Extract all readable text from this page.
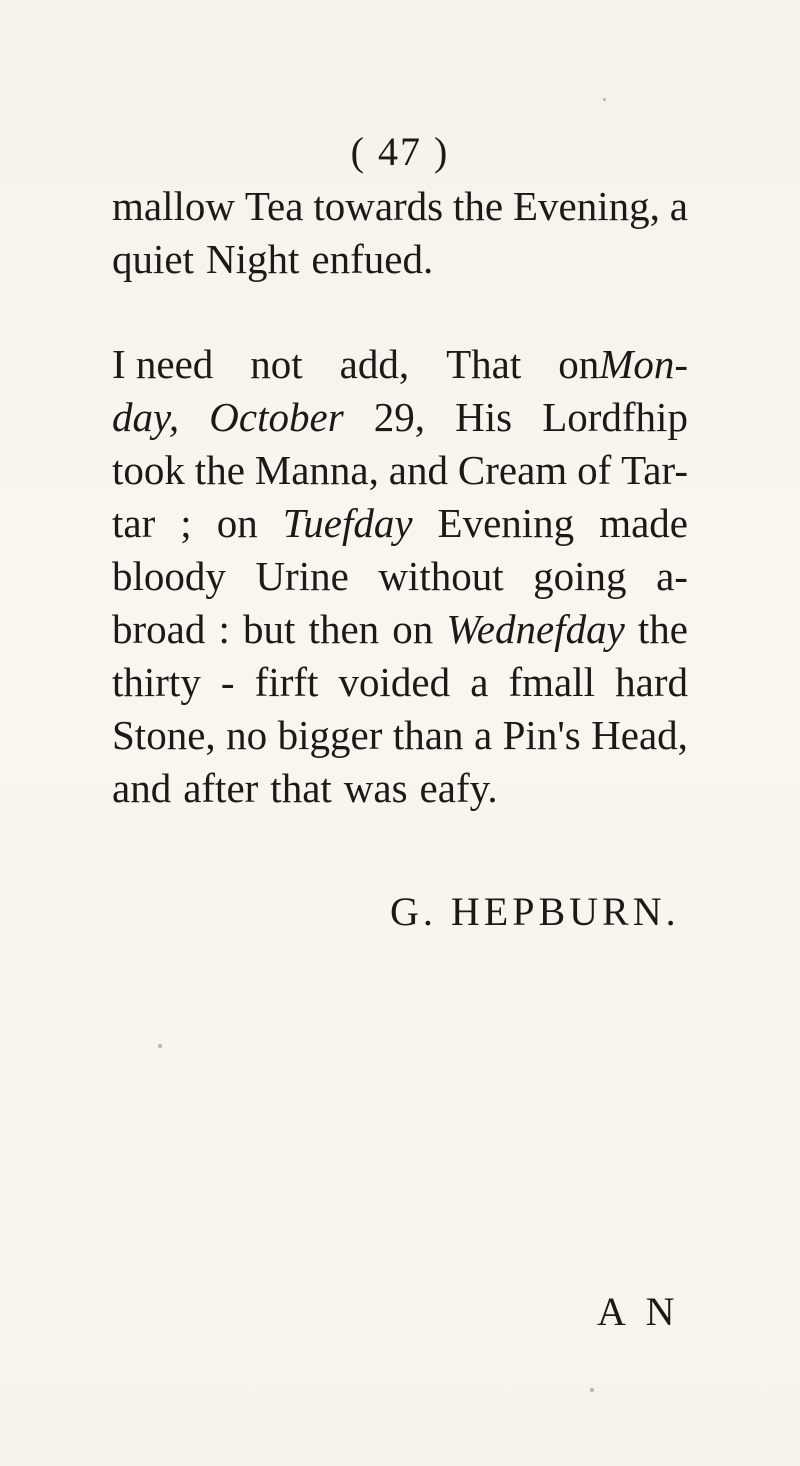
( 47 )
mallow Tea towards the Evening, a
quiet Night enfued.
I need not add, That onMon-
day, October 29, His Lordfhip
took the Manna, and Cream of Tar-
tar ; on Tuefday Evening made
bloody Urine without going a-
broad : but then on Wednefday the
thirty - firft voided a fmall hard
Stone, no bigger than a Pin's Head,
and after that was eafy.
G. HEPBURN.
A N
